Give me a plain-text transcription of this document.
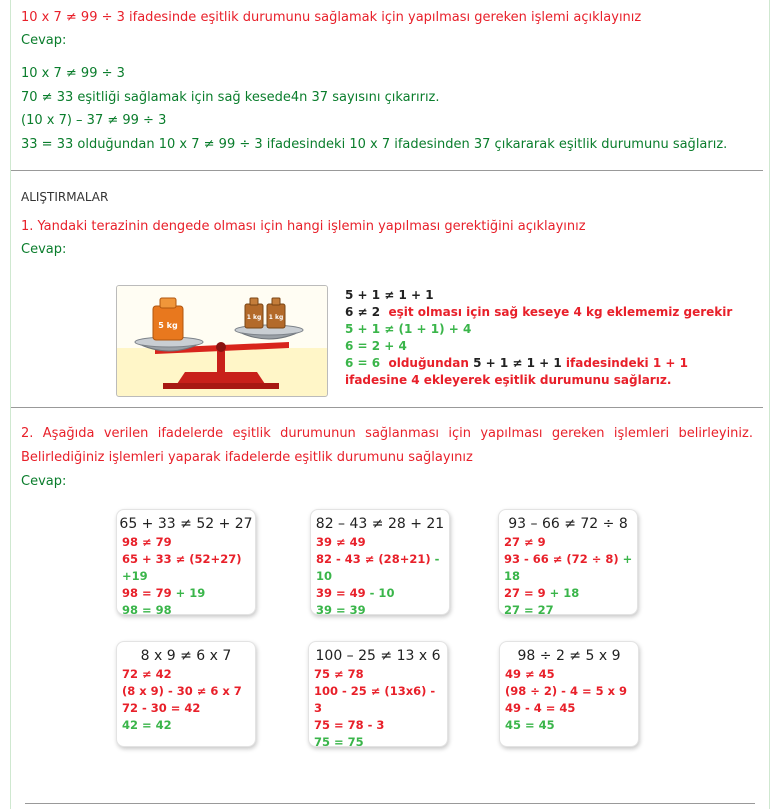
10 x 7 ≠ 99 ÷ 3 ifadesinde eşitlik durumunu sağlamak için yapılması gereken işlemi açıklayınız

Cevap:

10 x 7 ≠ 99 ÷ 3

70 ≠ 33 eşitliği sağlamak için sağ kesede4n 37 sayısını çıkarırız.

(10 x 7) – 37 ≠ 99 ÷ 3

33 = 33 olduğundan 10 x 7 ≠ 99 ÷ 3 ifadesindeki 10 x 7 ifadesinden 37 çıkararak eşitlik durumunu sağlarız.

ALIŞTIRMALAR

1. Yandaki terazinin dengede olması için hangi işlemin yapılması gerektiğini açıklayınız

Cevap:

5 kg
1 kg 1 kg
5 + 1 ≠ 1 + 1
6 ≠ 2 eşit olması için sağ keseye 4 kg eklememiz gerekir
5 + 1 ≠ (1 + 1) + 4
6 = 2 + 4
6 = 6 olduğundan 5 + 1 ≠ 1 + 1 ifadesindeki 1 + 1
ifadesine 4 ekleyerek eşitlik durumunu sağlarız.

2. Aşağıda verilen ifadelerde eşitlik durumunun sağlanması için yapılması gereken işlemleri belirleyiniz. Belirlediğiniz işlemleri yaparak ifadelerde eşitlik durumunu sağlayınız

Cevap:

65 + 33 ≠ 52 + 27
98 ≠ 79
65 + 33 ≠ (52+27) +19
98 = 79 + 19
98 = 98
82 – 43 ≠ 28 + 21
39 ≠ 49
82 - 43 ≠ (28+21) - 10
39 = 49 - 10
39 = 39
93 – 66 ≠ 72 ÷ 8
27 ≠ 9
93 - 66 ≠ (72 ÷ 8) + 18
27 = 9 + 18
27 = 27
8 x 9 ≠ 6 x 7
72 ≠ 42
(8 x 9) - 30 ≠ 6 x 7
72 - 30 = 42
42 = 42
100 – 25 ≠ 13 x 6
75 ≠ 78
100 - 25 ≠ (13x6) - 3
75 = 78 - 3
75 = 75
98 ÷ 2 ≠ 5 x 9
49 ≠ 45
(98 ÷ 2) - 4 = 5 x 9
49 - 4 = 45
45 = 45
